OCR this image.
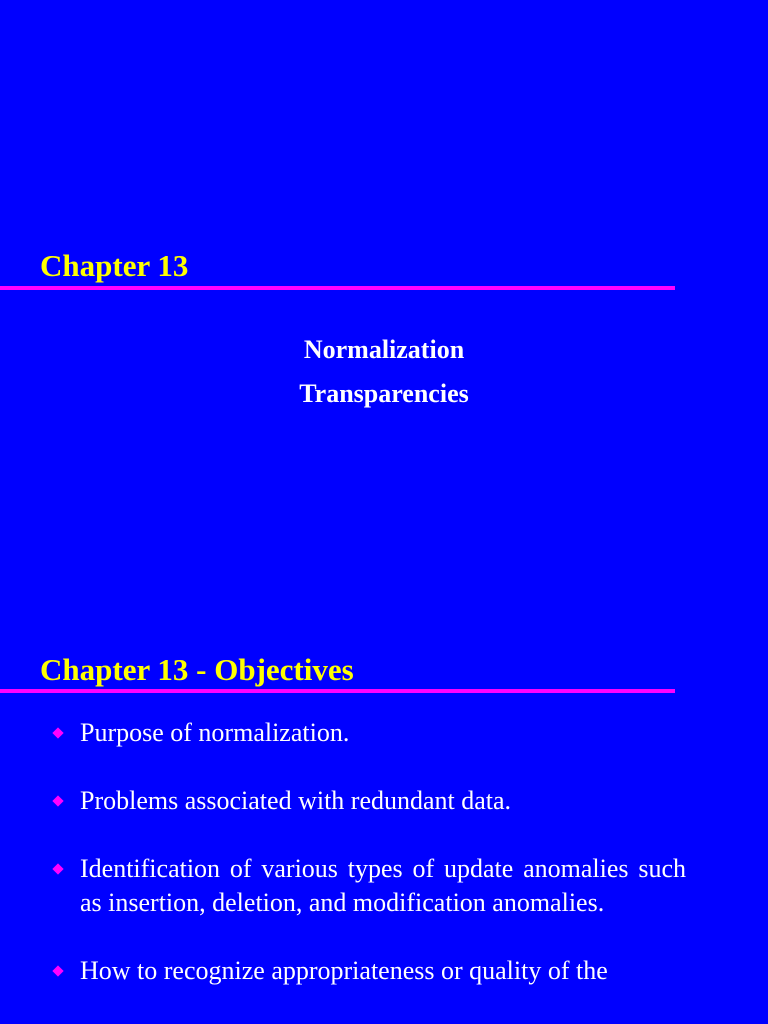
Chapter 13
Normalization
Transparencies
Chapter 13 - Objectives
Purpose of normalization.
Problems associated with redundant data.
Identification of various types of update anomalies such as insertion, deletion, and modification anomalies.
How to recognize appropriateness or quality of the
